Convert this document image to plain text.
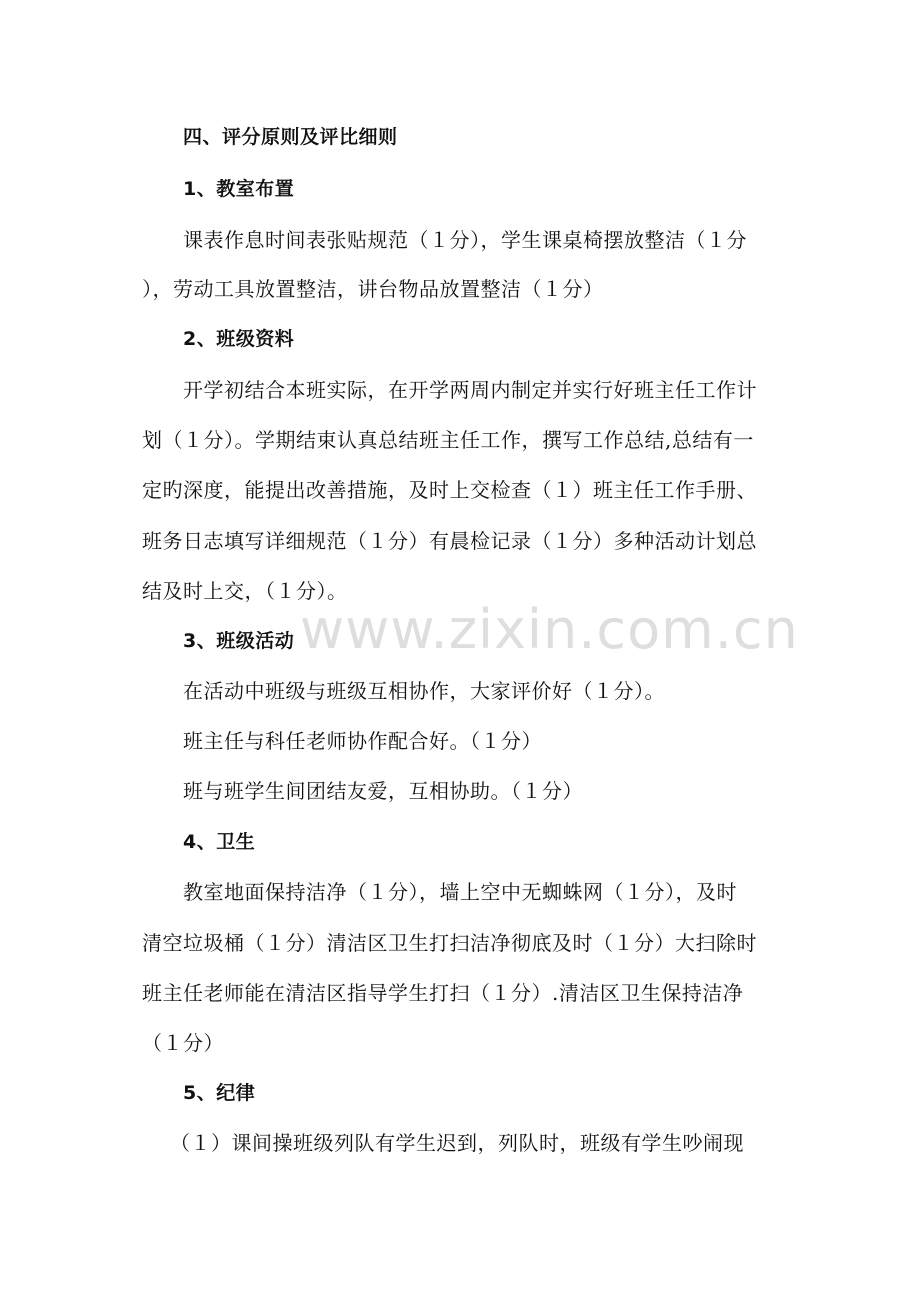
四、评分原则及评比细则
1、教室布置
课表作息时间表张贴规范（１分），学生课桌椅摆放整洁（１分
），劳动工具放置整洁，讲台物品放置整洁（１分）
2、班级资料
开学初结合本班实际，在开学两周内制定并实行好班主任工作计
划（１分）。学期结束认真总结班主任工作，撰写工作总结,总结有一
定旳深度，能提出改善措施，及时上交检查（１）班主任工作手册、
班务日志填写详细规范（１分）有晨检记录（１分）多种活动计划总
结及时上交，（１分）。
www.zixin.com.cn
3、班级活动
在活动中班级与班级互相协作，大家评价好（１分）。
班主任与科任老师协作配合好。（１分）
班与班学生间团结友爱，互相协助。（１分）
4、卫生
教室地面保持洁净（１分），墙上空中无蜘蛛网（１分），及时
清空垃圾桶（１分）清洁区卫生打扫洁净彻底及时（１分）大扫除时
班主任老师能在清洁区指导学生打扫（１分）.清洁区卫生保持洁净
（１分）
5、纪律
（１）课间操班级列队有学生迟到，列队时，班级有学生吵闹现
